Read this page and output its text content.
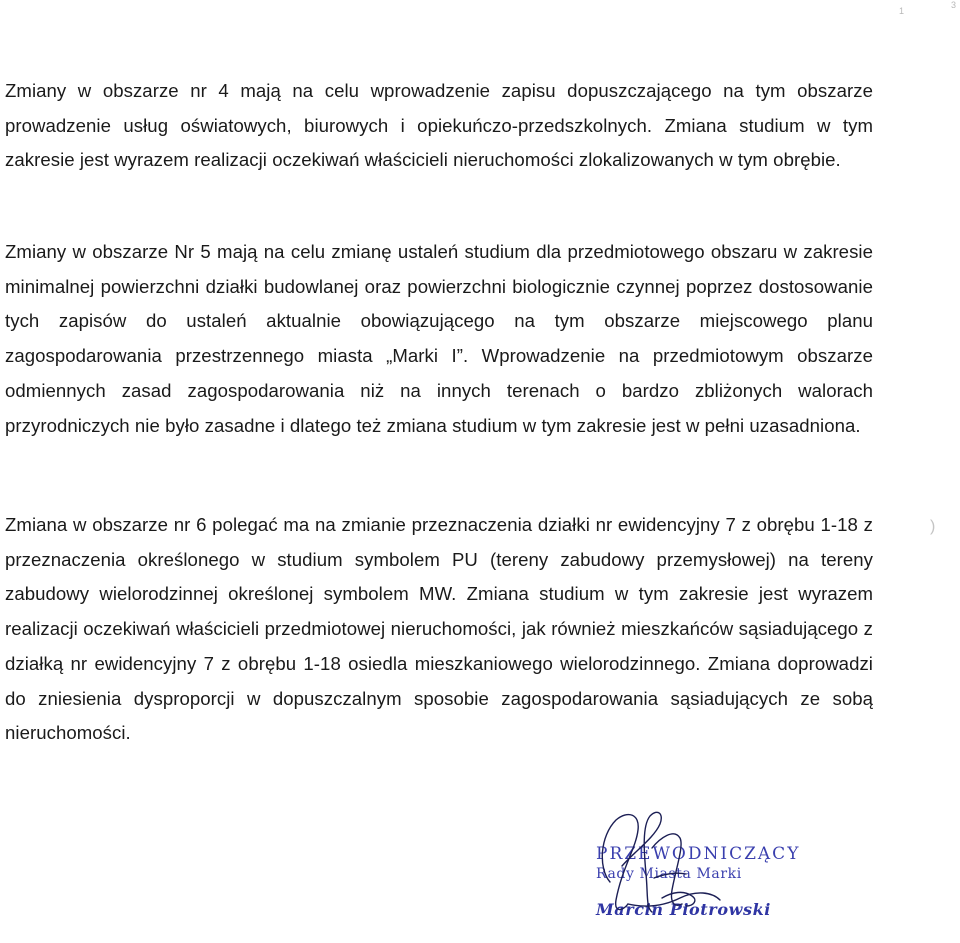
Zmiany w obszarze nr 4 mają na celu wprowadzenie zapisu dopuszczającego na tym obszarze prowadzenie usług oświatowych, biurowych i opiekuńczo-przedszkolnych. Zmiana studium w tym zakresie jest wyrazem realizacji oczekiwań właścicieli nieruchomości zlokalizowanych w tym obrębie.

Zmiany w obszarze Nr 5 mają na celu zmianę ustaleń studium dla przedmiotowego obszaru w zakresie minimalnej powierzchni działki budowlanej oraz powierzchni biologicznie czynnej poprzez dostosowanie tych zapisów do ustaleń aktualnie obowiązującego na tym obszarze miejscowego planu zagospodarowania przestrzennego miasta „Marki I”. Wprowadzenie na przedmiotowym obszarze odmiennych zasad zagospodarowania niż na innych terenach o bardzo zbliżonych walorach przyrodniczych nie było zasadne i dlatego też zmiana studium w tym zakresie jest w pełni uzasadniona.

Zmiana w obszarze nr 6 polegać ma na zmianie przeznaczenia działki nr ewidencyjny 7 z obrębu 1-18 z przeznaczenia określonego w studium symbolem PU (tereny zabudowy przemysłowej) na tereny zabudowy wielorodzinnej określonej symbolem MW. Zmiana studium w tym zakresie jest wyrazem realizacji oczekiwań właścicieli przedmiotowej nieruchomości, jak również mieszkańców sąsiadującego z działką nr ewidencyjny 7 z obrębu 1-18 osiedla mieszkaniowego wielorodzinnego. Zmiana doprowadzi do zniesienia dysproporcji w dopuszczalnym sposobie zagospodarowania sąsiadujących ze sobą nieruchomości.

PRZEWODNICZĄCY
Rady Miasta Marki
Marcin Piotrowski
1
3
)
